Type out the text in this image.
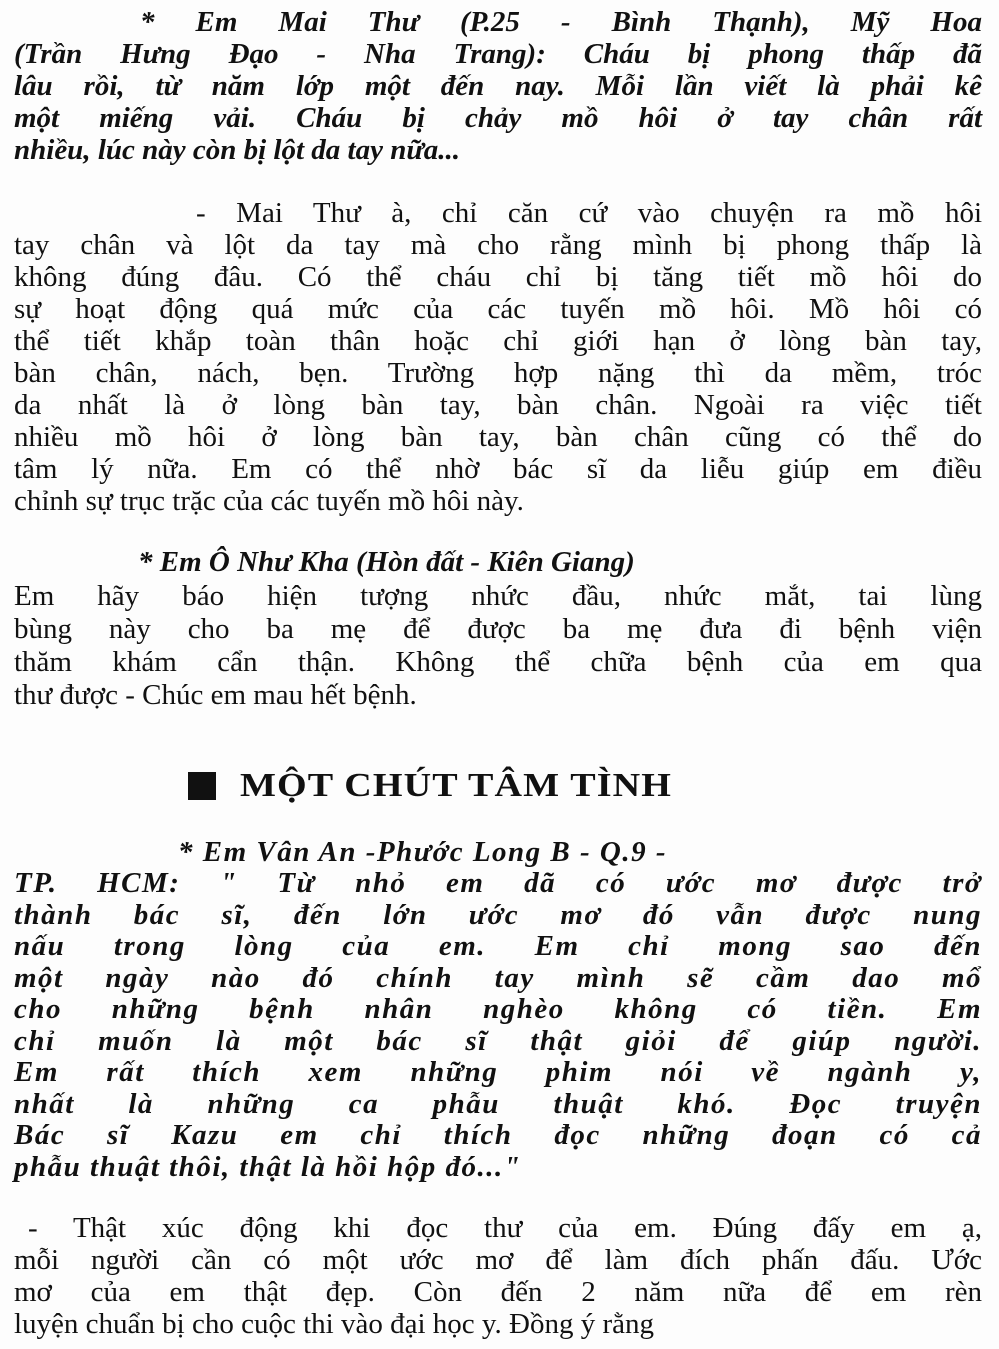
* Em Mai Thư (P.25 - Bình Thạnh), Mỹ Hoa
(Trần Hưng Đạo - Nha Trang): Cháu bị phong thấp đã
lâu rồi, từ năm lớp một đến nay. Mỗi lần viết là phải kê
một miếng vải. Cháu bị chảy mồ hôi ở tay chân rất
nhiều, lúc này còn bị lột da tay nữa...
- Mai Thư à, chỉ căn cứ vào chuyện ra mồ hôi
tay chân và lột da tay mà cho rằng mình bị phong thấp là
không đúng đâu. Có thể cháu chỉ bị tăng tiết mồ hôi do
sự hoạt động quá mức của các tuyến mồ hôi. Mồ hôi có
thể tiết khắp toàn thân hoặc chỉ giới hạn ở lòng bàn tay,
bàn chân, nách, bẹn. Trường hợp nặng thì da mềm, tróc
da nhất là ở lòng bàn tay, bàn chân. Ngoài ra việc tiết
nhiều mồ hôi ở lòng bàn tay, bàn chân cũng có thể do
tâm lý nữa. Em có thể nhờ bác sĩ da liễu giúp em điều
chỉnh sự trục trặc của các tuyến mồ hôi này.
* Em Ô Như Kha (Hòn đất - Kiên Giang)
Em hãy báo hiện tượng nhức đầu, nhức mắt, tai lùng
bùng này cho ba mẹ để được ba mẹ đưa đi bệnh viện
thăm khám cẩn thận. Không thể chữa bệnh của em qua
thư được - Chúc em mau hết bệnh.
MỘT CHÚT TÂM TÌNH
* Em Vân An -Phước Long B - Q.9 -
TP. HCM: " Từ nhỏ em dã có ước mơ được trở
thành bác sĩ, đến lớn ước mơ đó vẫn được nung
nấu trong lòng của em. Em chỉ mong sao đến
một ngày nào đó chính tay mình sẽ cầm dao mổ
cho những bệnh nhân nghèo không có tiền. Em
chỉ muốn là một bác sĩ thật giỏi để giúp người.
Em rất thích xem những phim nói về ngành y,
nhất là những ca phẫu thuật khó. Đọc truyện
Bác sĩ Kazu em chỉ thích đọc những đoạn có cả
phẫu thuật thôi, thật là hồi hộp đó..."
- Thật xúc động khi đọc thư của em. Đúng đấy em ạ,
mỗi người cần có một ước mơ để làm đích phấn đấu. Ước
mơ của em thật đẹp. Còn đến 2 năm nữa để em rèn
luyện chuẩn bị cho cuộc thi vào đại học y. Đồng ý rằng
